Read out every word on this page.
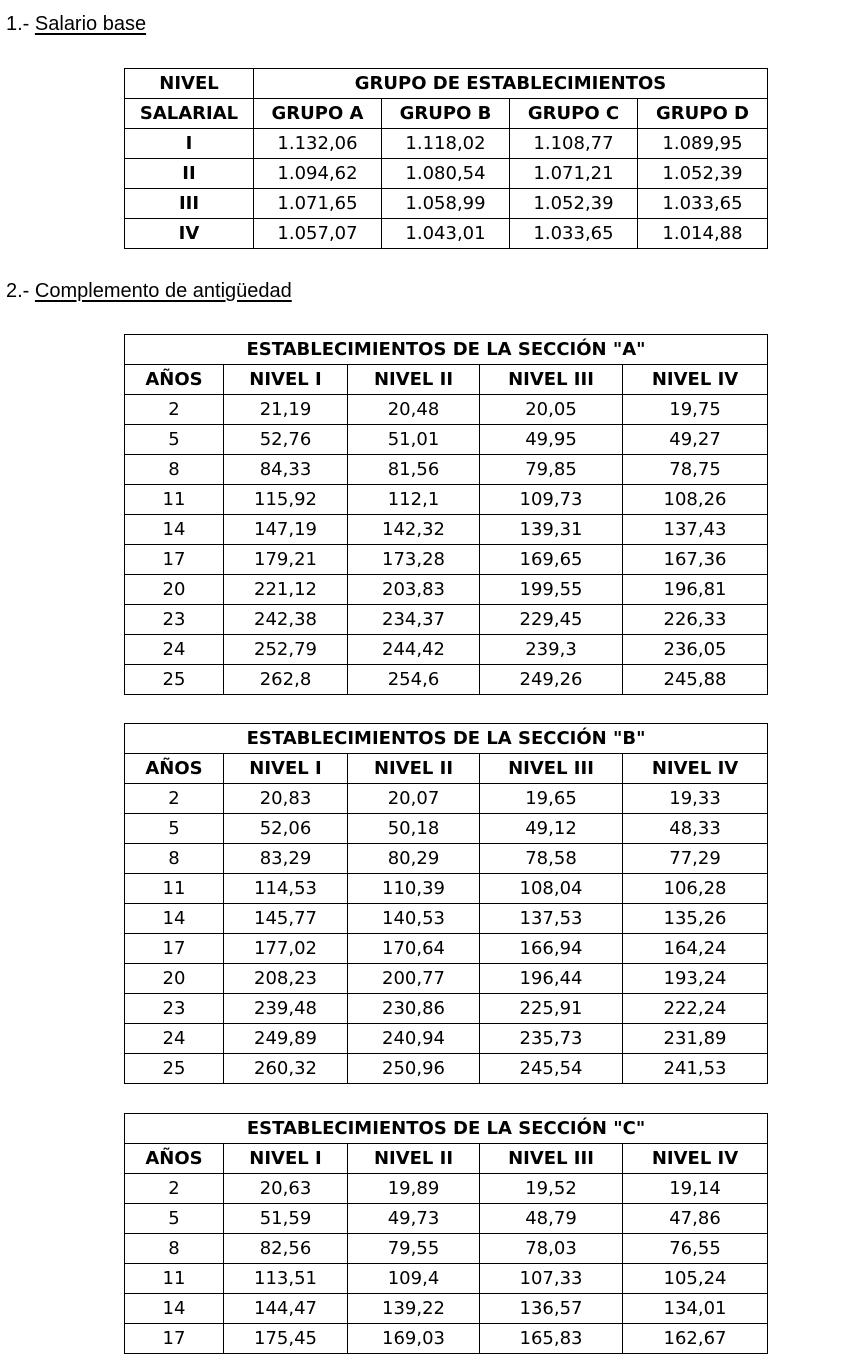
1.- Salario base
NIVEL	GRUPO DE ESTABLECIMIENTOS			
SALARIAL	GRUPO A	GRUPO B	GRUPO C	GRUPO D
I	1.132,06	1.118,02	1.108,77	1.089,95
II	1.094,62	1.080,54	1.071,21	1.052,39
III	1.071,65	1.058,99	1.052,39	1.033,65
IV	1.057,07	1.043,01	1.033,65	1.014,88
2.- Complemento de antigüedad
ESTABLECIMIENTOS DE LA SECCIÓN "A"				
AÑOS	NIVEL I	NIVEL II	NIVEL III	NIVEL IV
2	21,19	20,48	20,05	19,75
5	52,76	51,01	49,95	49,27
8	84,33	81,56	79,85	78,75
11	115,92	112,1	109,73	108,26
14	147,19	142,32	139,31	137,43
17	179,21	173,28	169,65	167,36
20	221,12	203,83	199,55	196,81
23	242,38	234,37	229,45	226,33
24	252,79	244,42	239,3	236,05
25	262,8	254,6	249,26	245,88
ESTABLECIMIENTOS DE LA SECCIÓN "B"				
AÑOS	NIVEL I	NIVEL II	NIVEL III	NIVEL IV
2	20,83	20,07	19,65	19,33
5	52,06	50,18	49,12	48,33
8	83,29	80,29	78,58	77,29
11	114,53	110,39	108,04	106,28
14	145,77	140,53	137,53	135,26
17	177,02	170,64	166,94	164,24
20	208,23	200,77	196,44	193,24
23	239,48	230,86	225,91	222,24
24	249,89	240,94	235,73	231,89
25	260,32	250,96	245,54	241,53
ESTABLECIMIENTOS DE LA SECCIÓN "C"				
AÑOS	NIVEL I	NIVEL II	NIVEL III	NIVEL IV
2	20,63	19,89	19,52	19,14
5	51,59	49,73	48,79	47,86
8	82,56	79,55	78,03	76,55
11	113,51	109,4	107,33	105,24
14	144,47	139,22	136,57	134,01
17	175,45	169,03	165,83	162,67
